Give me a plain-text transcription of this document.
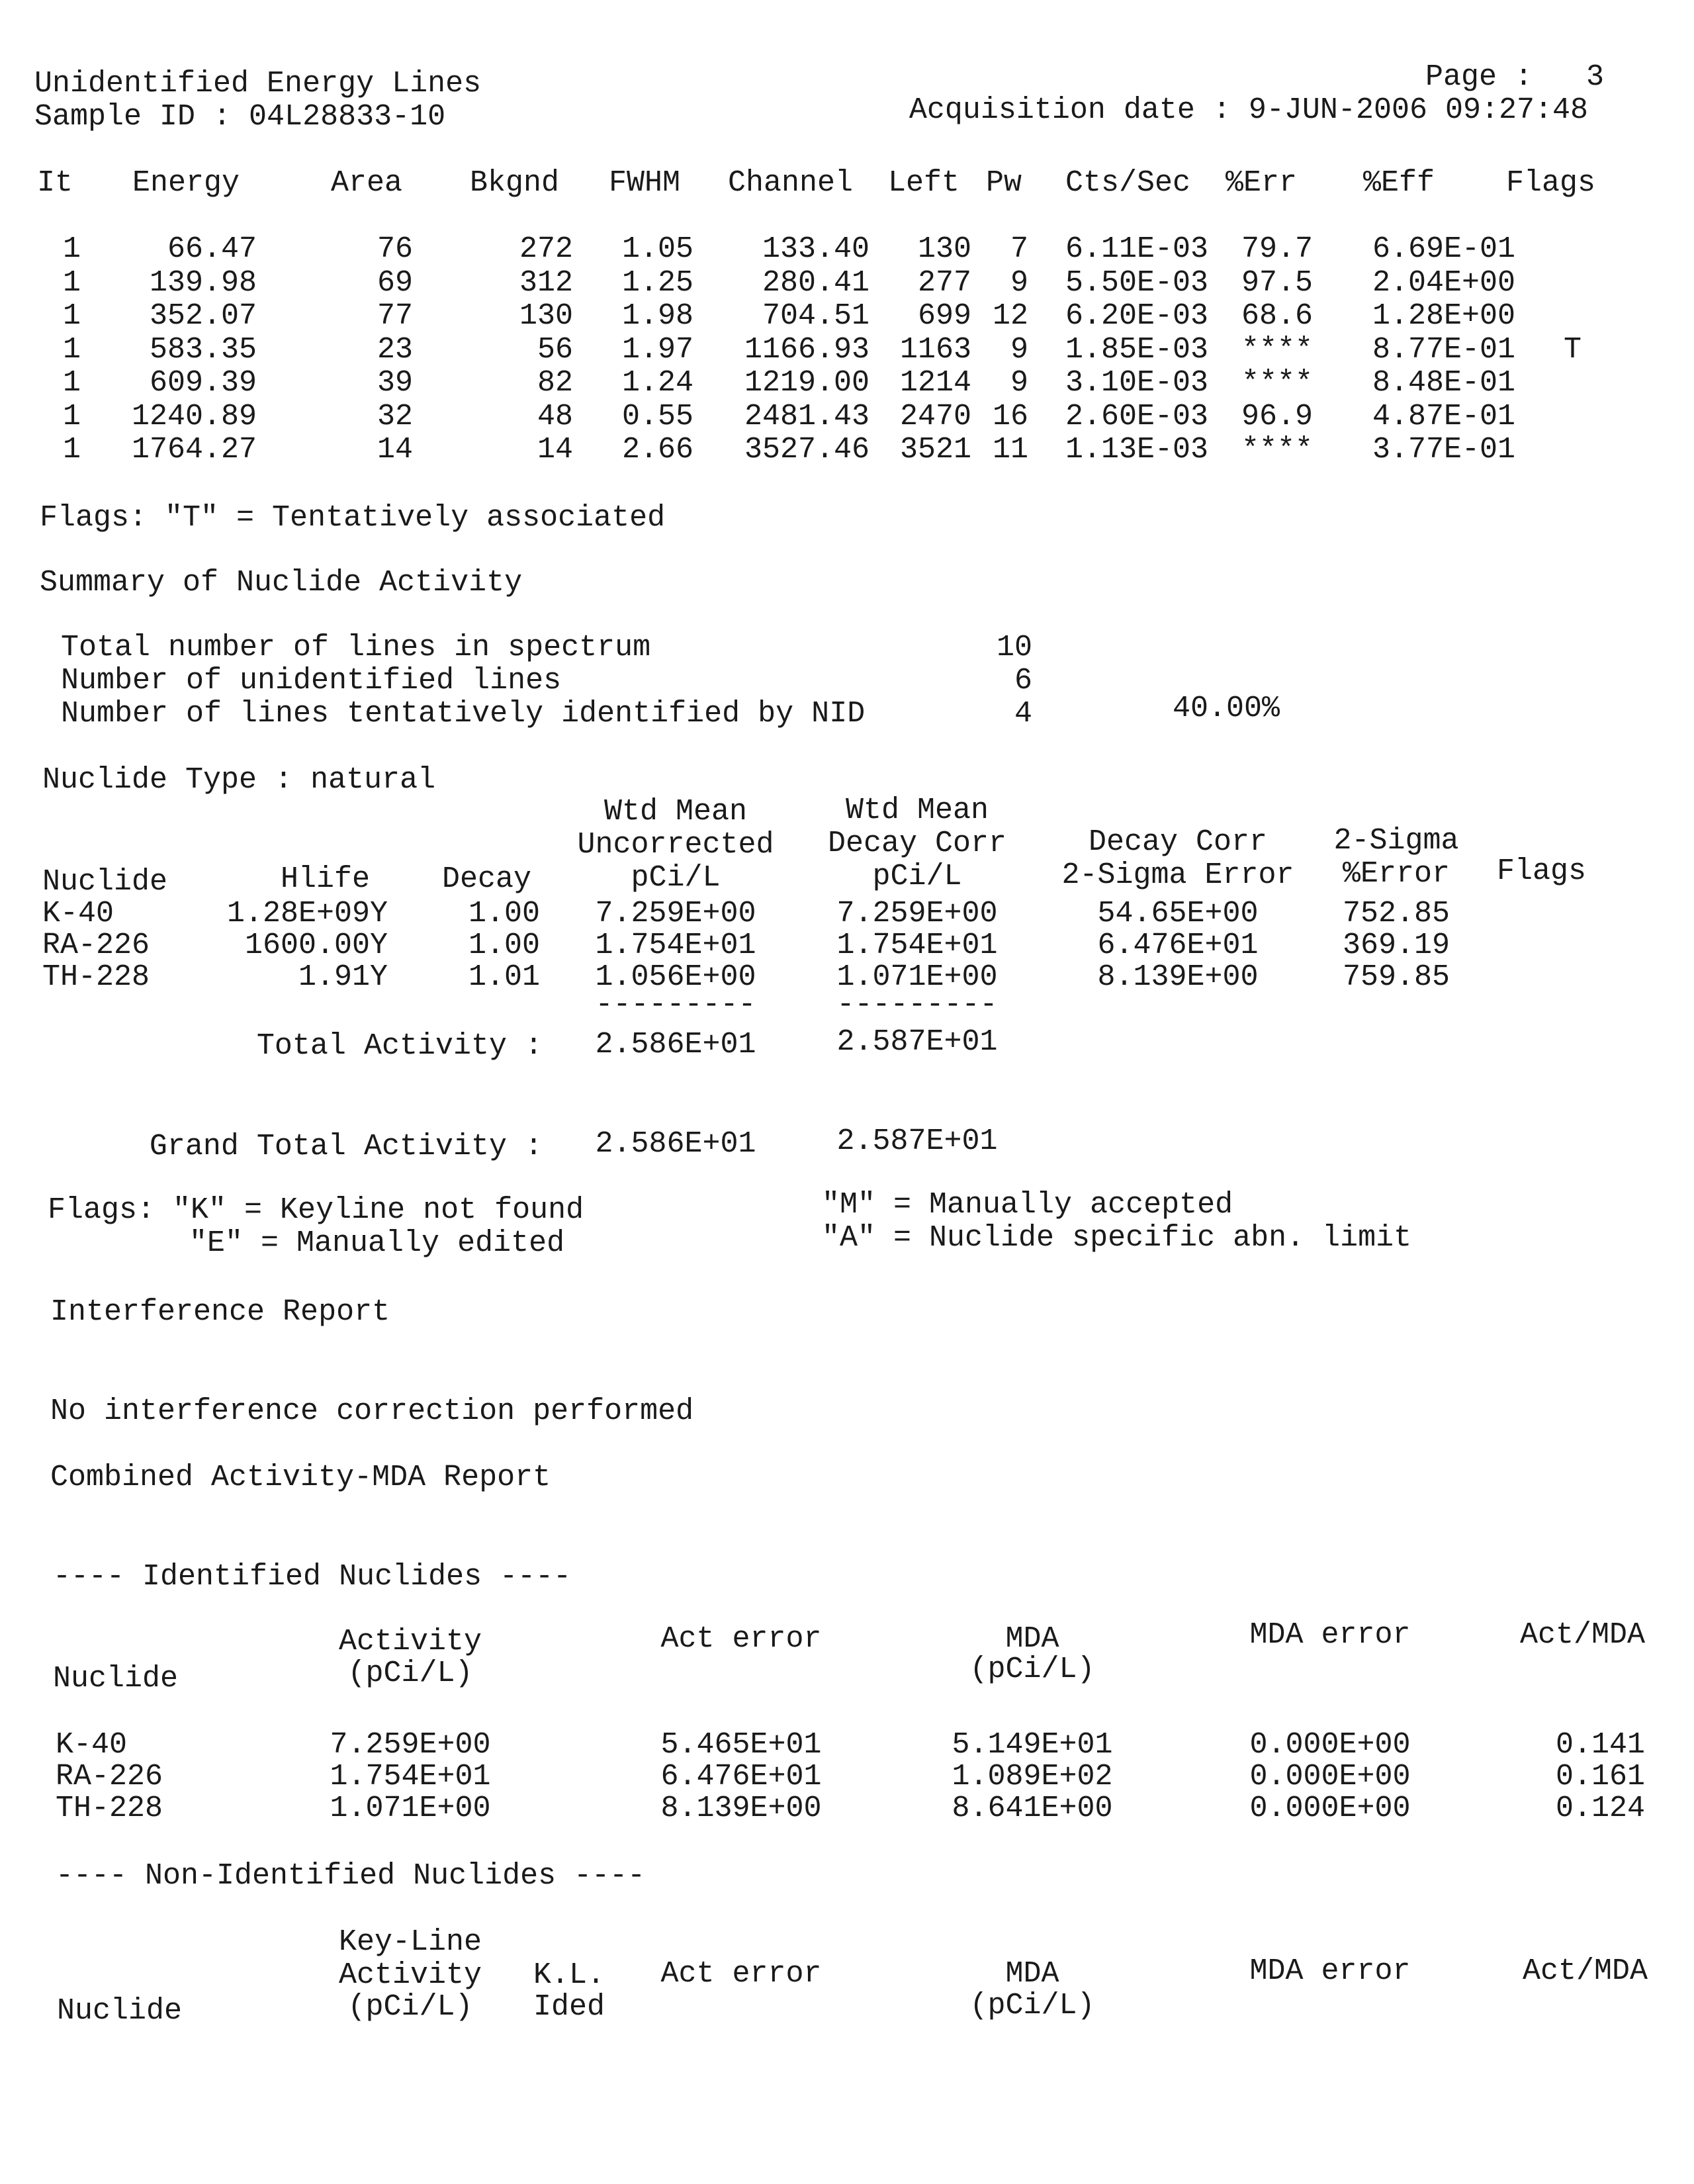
Unidentified Energy Lines
Sample ID : 04L28833-10
Page :   3
Acquisition date : 9-JUN-2006 09:27:48
It Energy	Area Bkgnd FWHM Channel Left Pw Cts/Sec %Err %Eff Flags
1	66.47	76	272	1.05	133.40	130	7	6.11E-03	79.7	6.69E-01
1	139.98	69	312	1.25	280.41	277	9	5.50E-03	97.5	2.04E+00
1	352.07	77	130	1.98	704.51	699 12	6.20E-03	68.6	1.28E+00
1	583.35	23	56	1.97	1166.93	1163	9	1.85E-03	****	8.77E-01	T
1	609.39	39	82	1.24	1219.00	1214	9	3.10E-03	****	8.48E-01
1	1240.89	32	48	0.55	2481.43	2470 16	2.60E-03	96.9	4.87E-01
1	1764.27	14	14	2.66	3527.46	3521 11	1.13E-03	****	3.77E-01
Flags: "T" = Tentatively associated
Summary of Nuclide Activity
Total number of lines in spectrum	10
Number of unidentified lines	6
Number of lines tentatively identified by NID	4	40.00%
Nuclide Type : natural
Wtd Mean
Uncorrected
pCi/L
Wtd Mean
Decay Corr
pCi/L
Decay Corr
2-Sigma Error
2-Sigma
%Error
Nuclide	Hlife Decay	Flags
K-40	1.28E+09Y	1.00	7.259E+00	7.259E+00	54.65E+00	752.85
RA-226	1600.00Y	1.00	1.754E+01	1.754E+01	6.476E+01	369.19
TH-228	1.91Y	1.01	1.056E+00	1.071E+00	8.139E+00	759.85
---------	---------
Total Activity :	2.586E+01	2.587E+01
Grand Total Activity :	2.586E+01	2.587E+01
Flags: "K" = Keyline not found
"E" = Manually edited
"M" = Manually accepted
"A" = Nuclide specific abn. limit
Interference Report
No interference correction performed
Combined Activity-MDA Report
---- Identified Nuclides ----
Activity
(pCi/L)
Act error	MDA
(pCi/L)
MDA error	Act/MDA
Nuclide
K-40	7.259E+00	5.465E+01	5.149E+01	0.000E+00	0.141
RA-226	1.754E+01	6.476E+01	1.089E+02	0.000E+00	0.161
TH-228	1.071E+00	8.139E+00	8.641E+00	0.000E+00	0.124
---- Non-Identified Nuclides ----
Key-Line
Activity
(pCi/L)
K.L.
Ided
Act error	MDA
(pCi/L)
MDA error	Act/MDA
Nuclide
